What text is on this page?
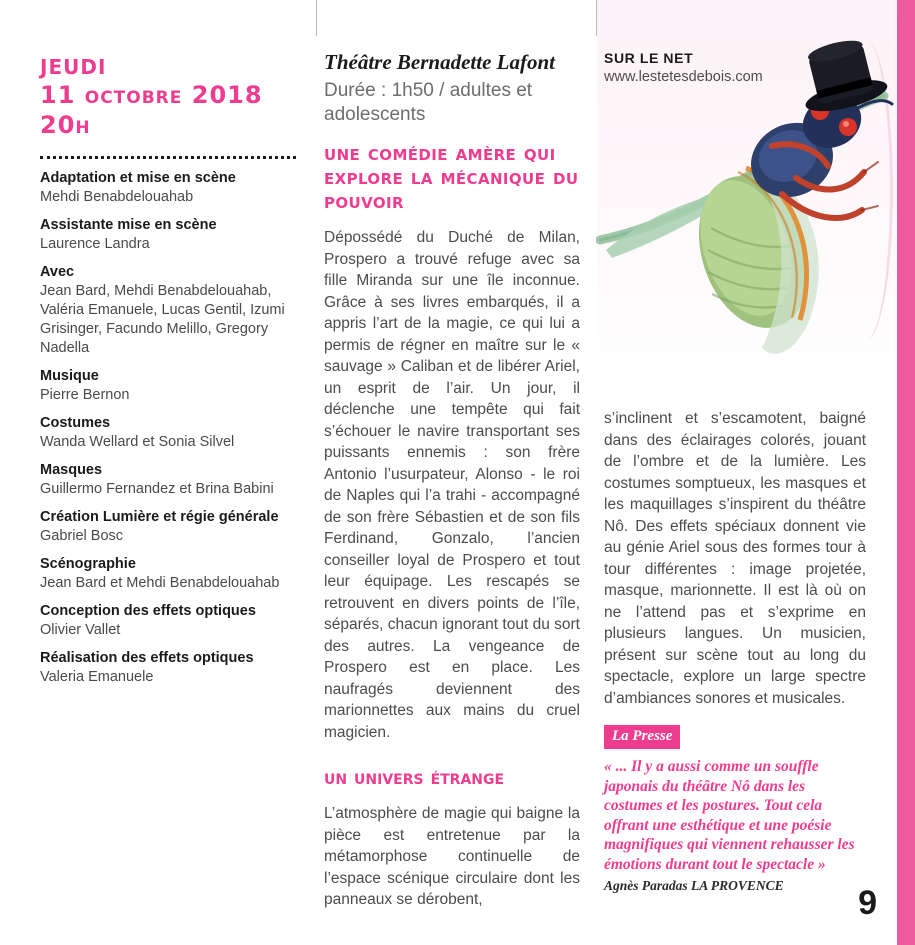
jeudi
11 octobre 2018
20h
Adaptation et mise en scène
Mehdi Benabdelouahab
Assistante mise en scène
Laurence Landra
Avec
Jean Bard, Mehdi Benabdelouahab, Valéria Emanuele, Lucas Gentil, Izumi Grisinger, Facundo Melillo, Gregory Nadella
Musique
Pierre Bernon
Costumes
Wanda Wellard et Sonia Silvel
Masques
Guillermo Fernandez et Brina Babini
Création Lumière et régie générale
Gabriel Bosc
Scénographie
Jean Bard et Mehdi Benabdelouahab
Conception des effets optiques
Olivier Vallet
Réalisation des effets optiques
Valeria Emanuele
Théâtre Bernadette Lafont
Durée : 1h50 / adultes et adolescents
une comédie amère qui explore la mécanique du pouvoir
Dépossédé du Duché de Milan, Prospero a trouvé refuge avec sa fille Miranda sur une île inconnue. Grâce à ses livres embarqués, il a appris l’art de la magie, ce qui lui a permis de régner en maître sur le « sauvage » Caliban et de libérer Ariel, un esprit de l’air. Un jour, il déclenche une tempête qui fait s’échouer le navire transportant ses puissants ennemis : son frère Antonio l’usurpateur, Alonso - le roi de Naples qui l’a trahi - accompagné de son frère Sébastien et de son fils Ferdinand, Gonzalo, l’ancien conseiller loyal de Prospero et tout leur équipage. Les rescapés se retrouvent en divers points de l’île, séparés, chacun ignorant tout du sort des autres. La vengeance de Prospero est en place. Les naufragés deviennent des marionnettes aux mains du cruel magicien.
un univers étrange
L’atmosphère de magie qui baigne la pièce est entretenue par la métamorphose continuelle de l’espace scénique circulaire dont les panneaux se dérobent,
SUR LE NET
www.lestetesdebois.com
s’inclinent et s’escamotent, baigné dans des éclairages colorés, jouant de l’ombre et de la lumière. Les costumes somptueux, les masques et les maquillages s’inspirent du théâtre Nô. Des effets spéciaux donnent vie au génie Ariel sous des formes tour à tour différentes : image projetée, masque, marionnette. Il est là où on ne l’attend pas et s’exprime en plusieurs langues. Un musicien, présent sur scène tout au long du spectacle, explore un large spectre d’ambiances sonores et musicales.
La Presse
« ... Il y a aussi comme un souffle japonais du théâtre Nô dans les costumes et les postures. Tout cela offrant une esthétique et une poésie magnifiques qui viennent rehausser les émotions durant tout le spectacle »
Agnès Paradas LA PROVENCE	9
